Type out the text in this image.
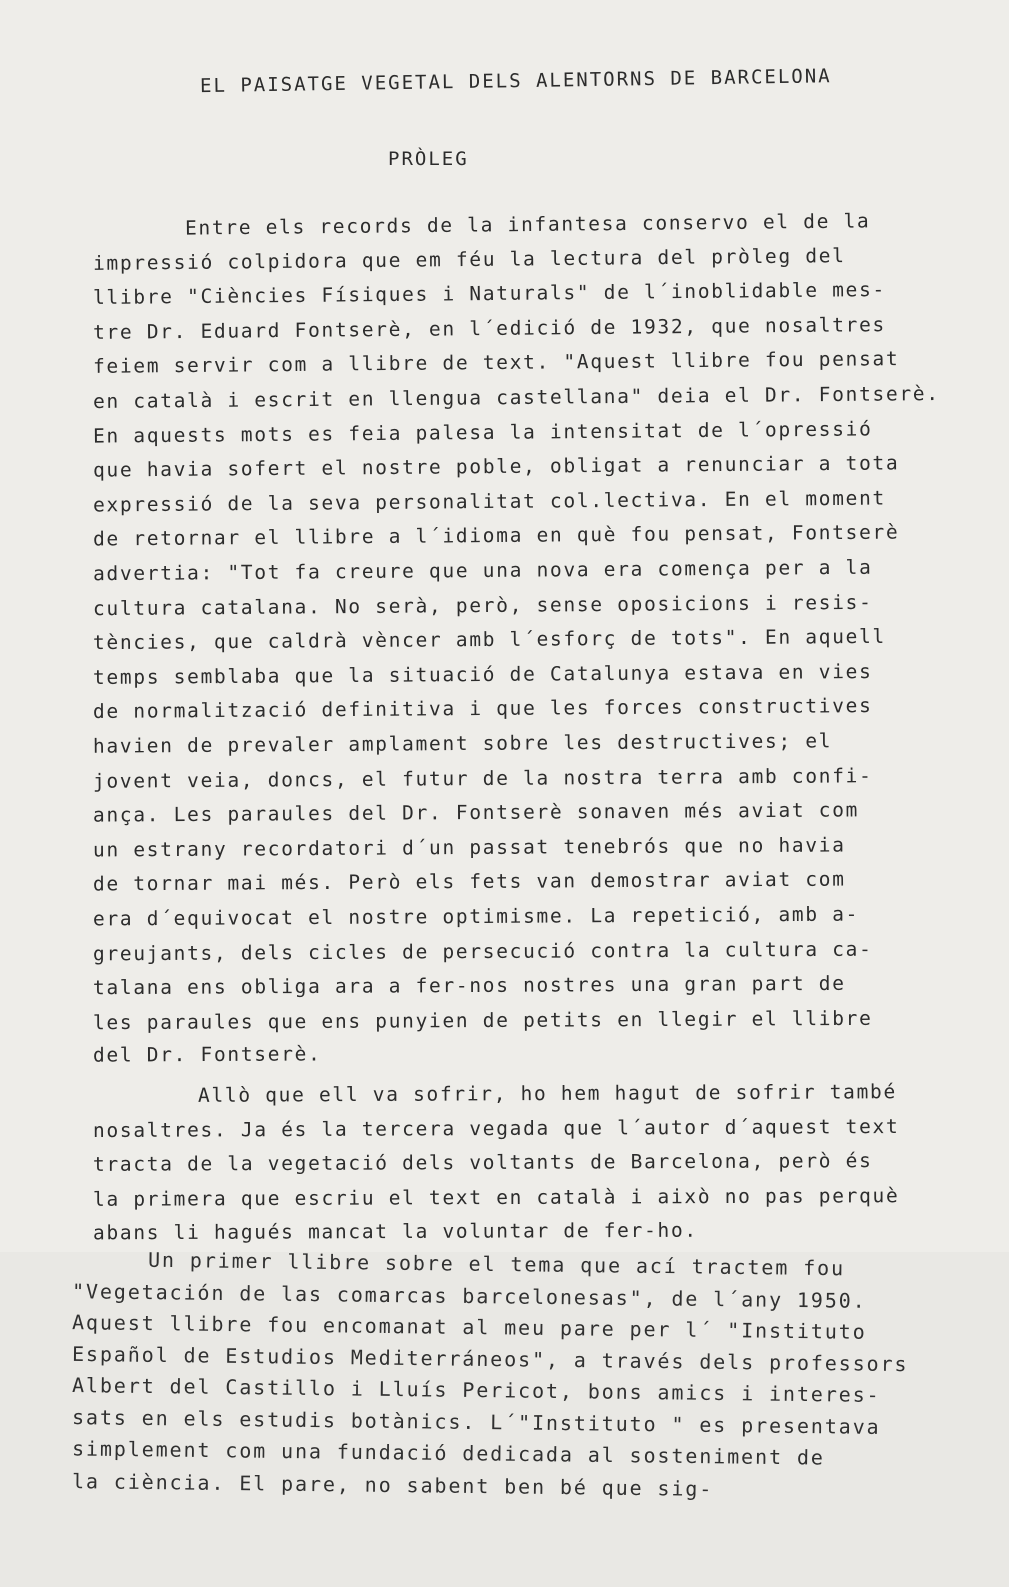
EL PAISATGE VEGETAL DELS ALENTORNS DE BARCELONA
PRÒLEG
Entre els records de la infantesa conservo el de la
impressió colpidora que em féu la lectura del pròleg del
llibre "Ciències Físiques i Naturals" de l´inoblidable mes-
tre Dr. Eduard Fontserè, en l´edició de 1932, que nosaltres
feiem servir com a llibre de text. "Aquest llibre fou pensat
en català i escrit en llengua castellana" deia el Dr. Fontserè.
En aquests mots es feia palesa la intensitat de l´opressió
que havia sofert el nostre poble, obligat a renunciar a tota
expressió de la seva personalitat col.lectiva. En el moment
de retornar el llibre a l´idioma en què fou pensat, Fontserè
advertia: "Tot fa creure que una nova era comença per a la
cultura catalana. No serà, però, sense oposicions i resis-
tències, que caldrà vèncer amb l´esforç de tots". En aquell
temps semblaba que la situació de Catalunya estava en vies
de normalització definitiva i que les forces constructives
havien de prevaler amplament sobre les destructives; el
jovent veia, doncs, el futur de la nostra terra amb confi-
ança. Les paraules del Dr. Fontserè sonaven més aviat com
un estrany recordatori d´un passat tenebrós que no havia
de tornar mai més. Però els fets van demostrar aviat com
era d´equivocat el nostre optimisme. La repetició, amb a-
greujants, dels cicles de persecució contra la cultura ca-
talana ens obliga ara a fer-nos nostres una gran part de
les paraules que ens punyien de petits en llegir el llibre
del Dr. Fontserè.
Allò que ell va sofrir, ho hem hagut de sofrir també
nosaltres. Ja és la tercera vegada que l´autor d´aquest text
tracta de la vegetació dels voltants de Barcelona, però és
la primera que escriu el text en català i això no pas perquè
abans li hagués mancat la voluntar de fer-ho.
Un primer llibre sobre el tema que ací tractem fou
"Vegetación de las comarcas barcelonesas", de l´any 1950.
Aquest llibre fou encomanat al meu pare per l´ "Instituto
Español de Estudios Mediterráneos", a través dels professors
Albert del Castillo i Lluís Pericot, bons amics i interes-
sats en els estudis botànics. L´"Instituto " es presentava
simplement com una fundació dedicada al sosteniment de
la ciència. El pare, no sabent ben bé que sig-
